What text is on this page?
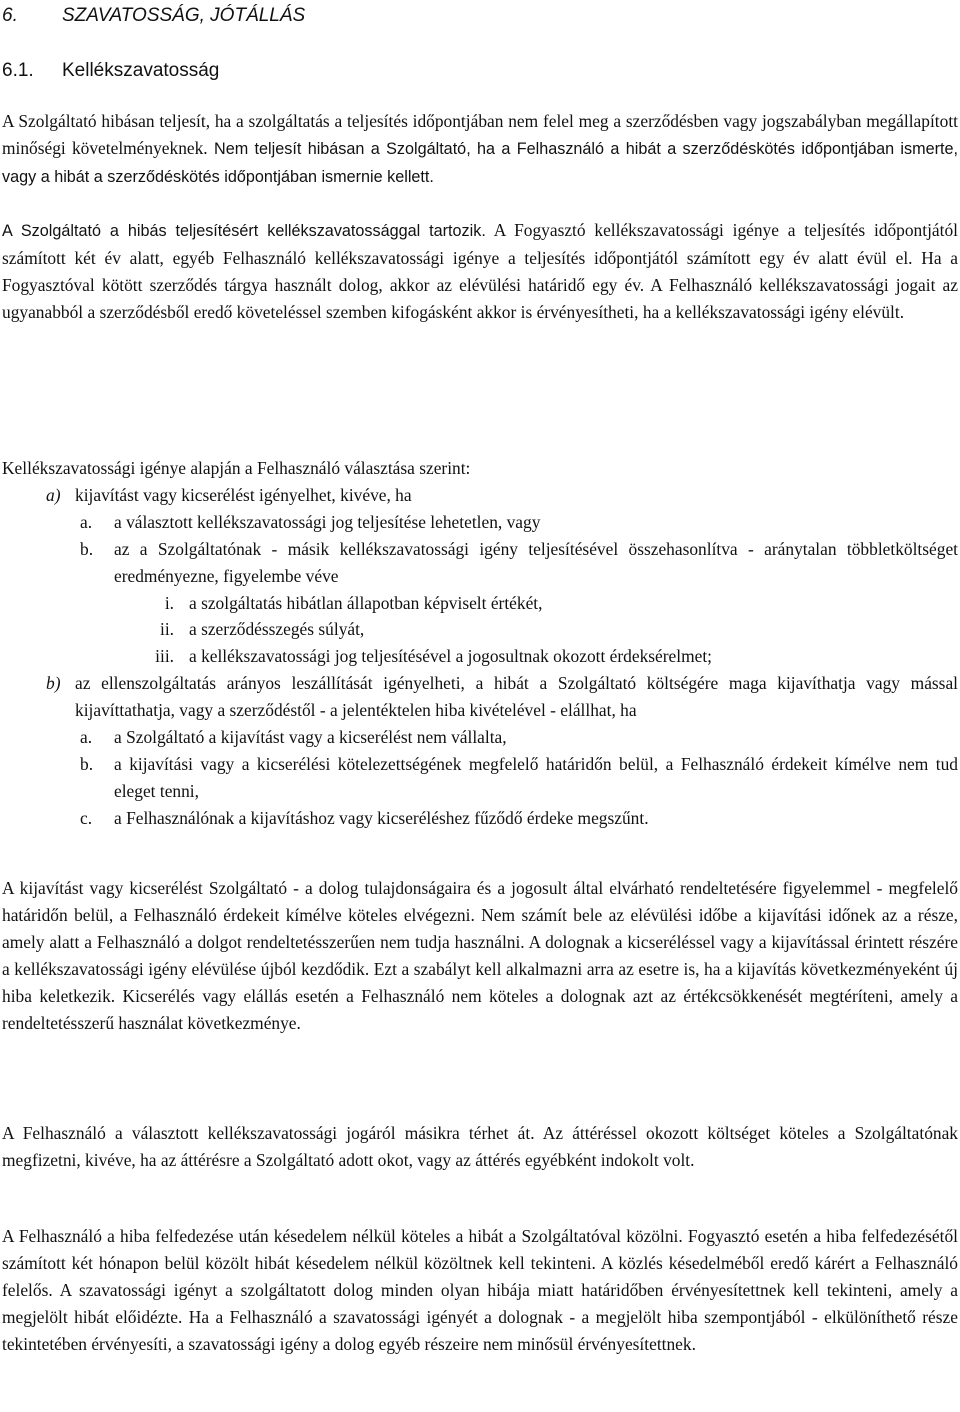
6. SZAVATOSSÁG, JÓTÁLLÁS
6.1. Kellékszavatosság

A Szolgáltató hibásan teljesít, ha a szolgáltatás a teljesítés időpontjában nem felel meg a szerződésben vagy jogszabályban megállapított minőségi követelményeknek. Nem teljesít hibásan a Szolgáltató, ha a Felhasználó a hibát a szerződéskötés időpontjában ismerte, vagy a hibát a szerződéskötés időpontjában ismernie kellett.

A Szolgáltató a hibás teljesítésért kellékszavatossággal tartozik. A Fogyasztó kellékszavatossági igénye a teljesítés időpontjától számított két év alatt, egyéb Felhasználó kellékszavatossági igénye a teljesítés időpontjától számított egy év alatt évül el. Ha a Fogyasztóval kötött szerződés tárgya használt dolog, akkor az elévülési határidő egy év. A Felhasználó kellékszavatossági jogait az ugyanabból a szerződésből eredő követeléssel szemben kifogásként akkor is érvényesítheti, ha a kellékszavatossági igény elévült.

Kellékszavatossági igénye alapján a Felhasználó választása szerint:
a) kijavítást vagy kicserélést igényelhet, kivéve, ha
a. a választott kellékszavatossági jog teljesítése lehetetlen, vagy
b. az a Szolgáltatónak - másik kellékszavatossági igény teljesítésével összehasonlítva - aránytalan többletköltséget eredményezne, figyelembe véve
i. a szolgáltatás hibátlan állapotban képviselt értékét,
ii. a szerződésszegés súlyát,
iii. a kellékszavatossági jog teljesítésével a jogosultnak okozott érdeksérelmet;
b) az ellenszolgáltatás arányos leszállítását igényelheti, a hibát a Szolgáltató költségére maga kijavíthatja vagy mással kijavíttathatja, vagy a szerződéstől - a jelentéktelen hiba kivételével - elállhat, ha
a. a Szolgáltató a kijavítást vagy a kicserélést nem vállalta,
b. a kijavítási vagy a kicserélési kötelezettségének megfelelő határidőn belül, a Felhasználó érdekeit kímélve nem tud eleget tenni,
c. a Felhasználónak a kijavításhoz vagy kicseréléshez fűződő érdeke megszűnt.

A kijavítást vagy kicserélést Szolgáltató - a dolog tulajdonságaira és a jogosult által elvárható rendeltetésére figyelemmel - megfelelő határidőn belül, a Felhasználó érdekeit kímélve köteles elvégezni. Nem számít bele az elévülési időbe a kijavítási időnek az a része, amely alatt a Felhasználó a dolgot rendeltetésszerűen nem tudja használni. A dolognak a kicseréléssel vagy a kijavítással érintett részére a kellékszavatossági igény elévülése újból kezdődik. Ezt a szabályt kell alkalmazni arra az esetre is, ha a kijavítás következményeként új hiba keletkezik. Kicserélés vagy elállás esetén a Felhasználó nem köteles a dolognak azt az értékcsökkenését megtéríteni, amely a rendeltetésszerű használat következménye.

A Felhasználó a választott kellékszavatossági jogáról másikra térhet át. Az áttéréssel okozott költséget köteles a Szolgáltatónak megfizetni, kivéve, ha az áttérésre a Szolgáltató adott okot, vagy az áttérés egyébként indokolt volt.

A Felhasználó a hiba felfedezése után késedelem nélkül köteles a hibát a Szolgáltatóval közölni. Fogyasztó esetén a hiba felfedezésétől számított két hónapon belül közölt hibát késedelem nélkül közöltnek kell tekinteni. A közlés késedelméből eredő kárért a Felhasználó felelős. A szavatossági igényt a szolgáltatott dolog minden olyan hibája miatt határidőben érvényesítettnek kell tekinteni, amely a megjelölt hibát előidézte. Ha a Felhasználó a szavatossági igényét a dolognak - a megjelölt hiba szempontjából - elkülöníthető része tekintetében érvényesíti, a szavatossági igény a dolog egyéb részeire nem minősül érvényesítettnek.
